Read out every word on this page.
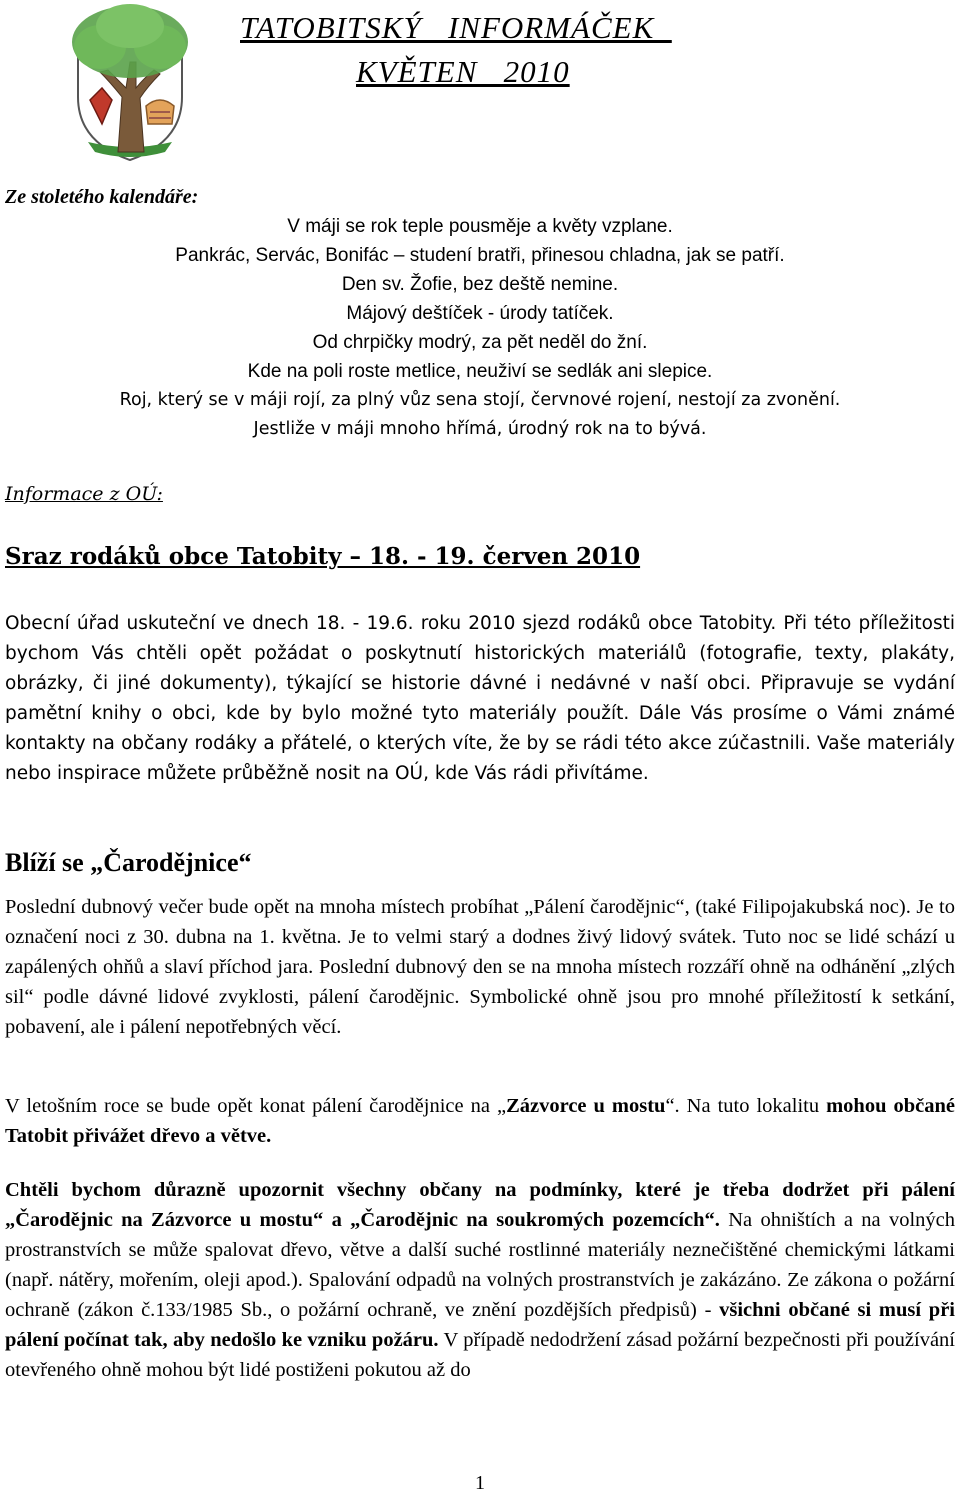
TATOBITSKÝ   INFORMÁČEK
KVĚTEN   2010
Ze stoletého kalendáře:
V máji se rok teple pousměje a květy vzplane.
Pankrác, Servác, Bonifác – studení bratři, přinesou chladna, jak se patří.
Den sv. Žofie, bez deště nemine.
Májový deštíček - úrody tatíček.
Od chrpičky modrý, za pět neděl do žní.
Kde na poli roste metlice, neuživí se sedlák ani slepice.
Roj, který se v máji rojí, za plný vůz sena stojí, červnové rojení, nestojí za zvonění.
Jestliže v máji mnoho hřímá, úrodný rok na to bývá.
Informace z OÚ:
Sraz rodáků obce Tatobity – 18. - 19. červen 2010
Obecní úřad uskuteční ve dnech 18. - 19.6. roku 2010 sjezd rodáků obce Tatobity. Při této příležitosti bychom Vás chtěli opět požádat o poskytnutí historických materiálů (fotografie, texty, plakáty, obrázky, či jiné dokumenty), týkající se historie dávné i nedávné v naší obci. Připravuje se vydání pamětní knihy o obci, kde by bylo možné tyto materiály použít. Dále Vás prosíme o Vámi známé kontakty na občany rodáky a přátelé, o kterých víte, že by se rádi této akce zúčastnili. Vaše materiály nebo inspirace můžete průběžně nosit na OÚ, kde Vás rádi přivítáme.
Blíží se „Čarodějnice“
Poslední dubnový večer bude opět na mnoha místech probíhat „Pálení čarodějnic“, (také Filipojakubská noc). Je to označení noci z 30. dubna na 1. května. Je to velmi starý a dodnes živý lidový svátek. Tuto noc se lidé schází u zapálených ohňů a slaví příchod jara. Poslední dubnový den se na mnoha místech rozzáří ohně na odhánění „zlých sil“ podle dávné lidové zvyklosti, pálení čarodějnic. Symbolické ohně jsou pro mnohé příležitostí k setkání, pobavení, ale i pálení nepotřebných věcí.
V letošním roce se bude opět konat pálení čarodějnice na „Zázvorce u mostu“. Na tuto lokalitu mohou občané Tatobit přivážet dřevo a větve.
Chtěli bychom důrazně upozornit všechny občany na podmínky, které je třeba dodržet při pálení „Čarodějnic na Zázvorce u mostu“ a „Čarodějnic na soukromých pozemcích“. Na ohništích a na volných prostranstvích se může spalovat dřevo, větve a další suché rostlinné materiály neznečištěné chemickými látkami (např. nátěry, mořením, oleji apod.). Spalování odpadů na volných prostranstvích je zakázáno. Ze zákona o požární ochraně (zákon č.133/1985 Sb., o požární ochraně, ve znění pozdějších předpisů) - všichni občané si musí při pálení počínat tak, aby nedošlo ke vzniku požáru. V případě nedodržení zásad požární bezpečnosti při používání otevřeného ohně mohou být lidé postiženi pokutou až do
1
